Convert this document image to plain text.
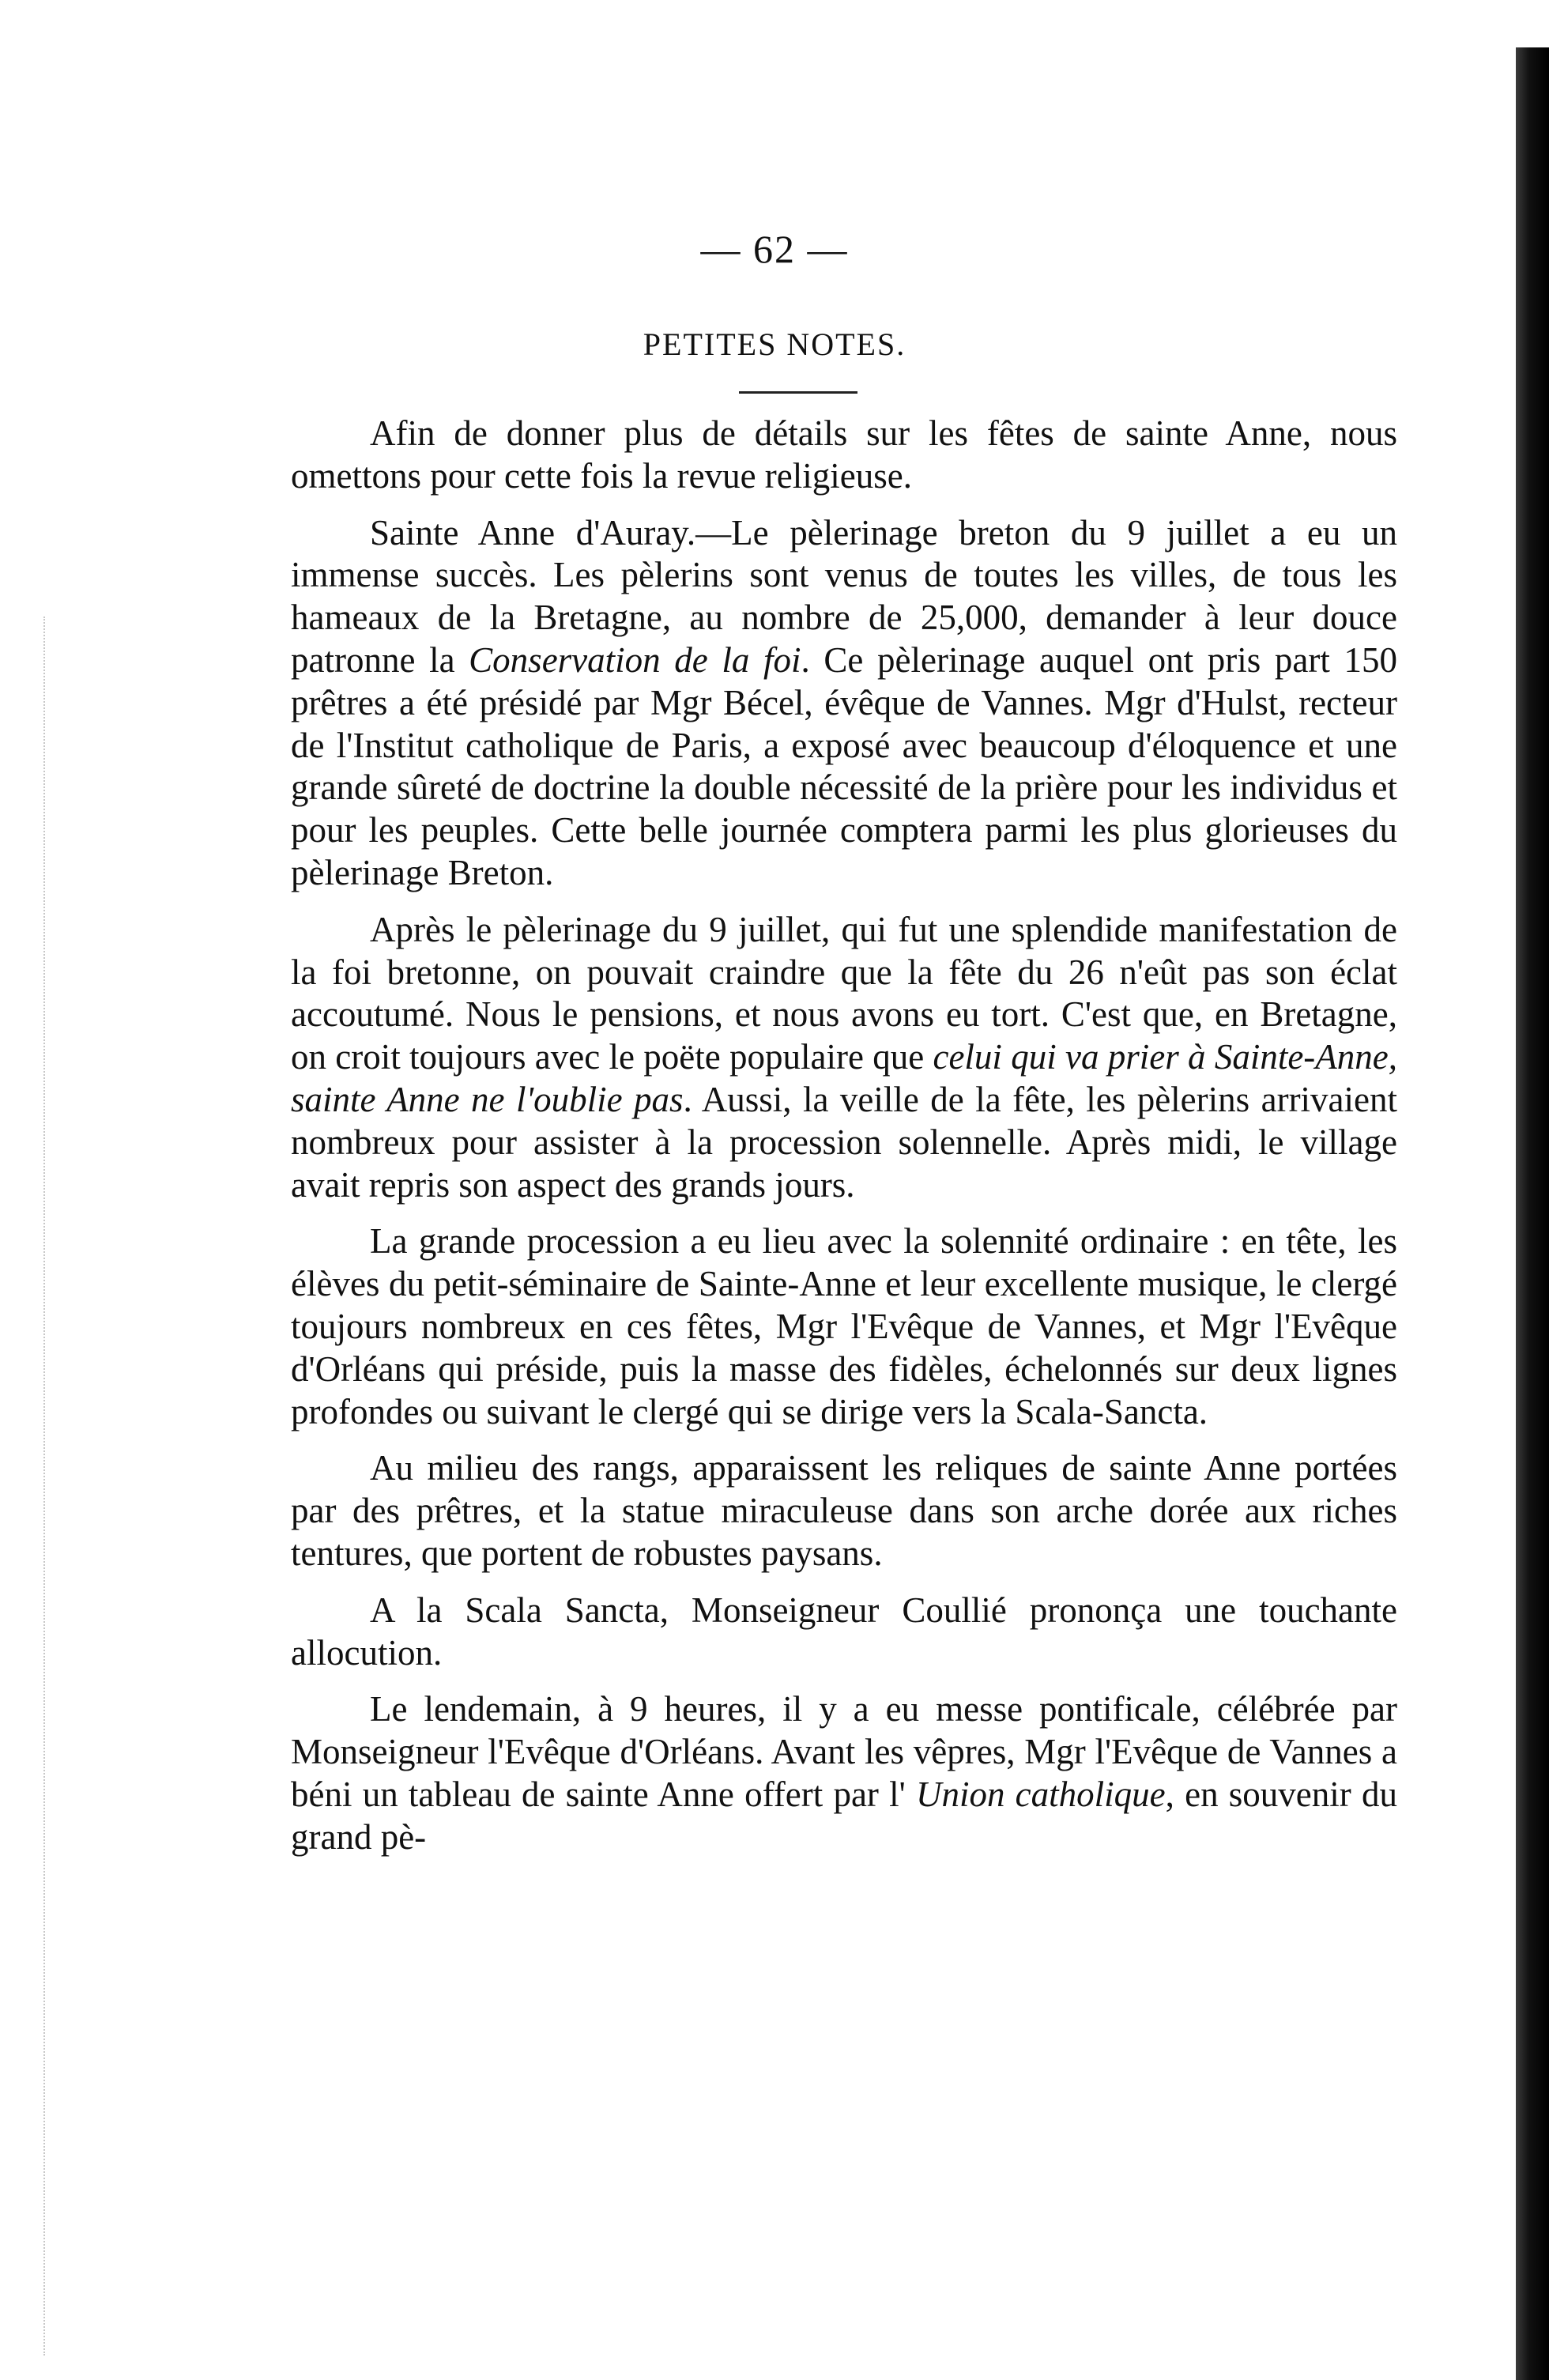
— 62 —
PETITES NOTES.

Afin de donner plus de détails sur les fêtes de sainte Anne, nous omettons pour cette fois la revue religieuse.

Sainte Anne d'Auray.—Le pèlerinage breton du 9 juillet a eu un immense succès. Les pèlerins sont venus de toutes les villes, de tous les hameaux de la Bretagne, au nombre de 25,000, demander à leur douce patronne la Conservation de la foi. Ce pèlerinage auquel ont pris part 150 prêtres a été présidé par Mgr Bécel, évêque de Vannes. Mgr d'Hulst, recteur de l'Institut catholique de Paris, a exposé avec beaucoup d'éloquence et une grande sûreté de doctrine la double nécessité de la prière pour les individus et pour les peuples. Cette belle journée comptera parmi les plus glorieuses du pèlerinage Breton.

Après le pèlerinage du 9 juillet, qui fut une splendide manifestation de la foi bretonne, on pouvait craindre que la fête du 26 n'eût pas son éclat accoutumé. Nous le pensions, et nous avons eu tort. C'est que, en Bretagne, on croit toujours avec le poëte populaire que celui qui va prier à Sainte-Anne, sainte Anne ne l'oublie pas. Aussi, la veille de la fête, les pèlerins arrivaient nombreux pour assister à la procession solennelle. Après midi, le village avait repris son aspect des grands jours.

La grande procession a eu lieu avec la solennité ordinaire : en tête, les élèves du petit-séminaire de Sainte-Anne et leur excellente musique, le clergé toujours nombreux en ces fêtes, Mgr l'Evêque de Vannes, et Mgr l'Evêque d'Orléans qui préside, puis la masse des fidèles, échelonnés sur deux lignes profondes ou suivant le clergé qui se dirige vers la Scala-Sancta.

Au milieu des rangs, apparaissent les reliques de sainte Anne portées par des prêtres, et la statue miraculeuse dans son arche dorée aux riches tentures, que portent de robustes paysans.

A la Scala Sancta, Monseigneur Coullié prononça une touchante allocution.

Le lendemain, à 9 heures, il y a eu messe pontificale, célébrée par Monseigneur l'Evêque d'Orléans. Avant les vêpres, Mgr l'Evêque de Vannes a béni un tableau de sainte Anne offert par l' Union catholique, en souvenir du grand pè-
